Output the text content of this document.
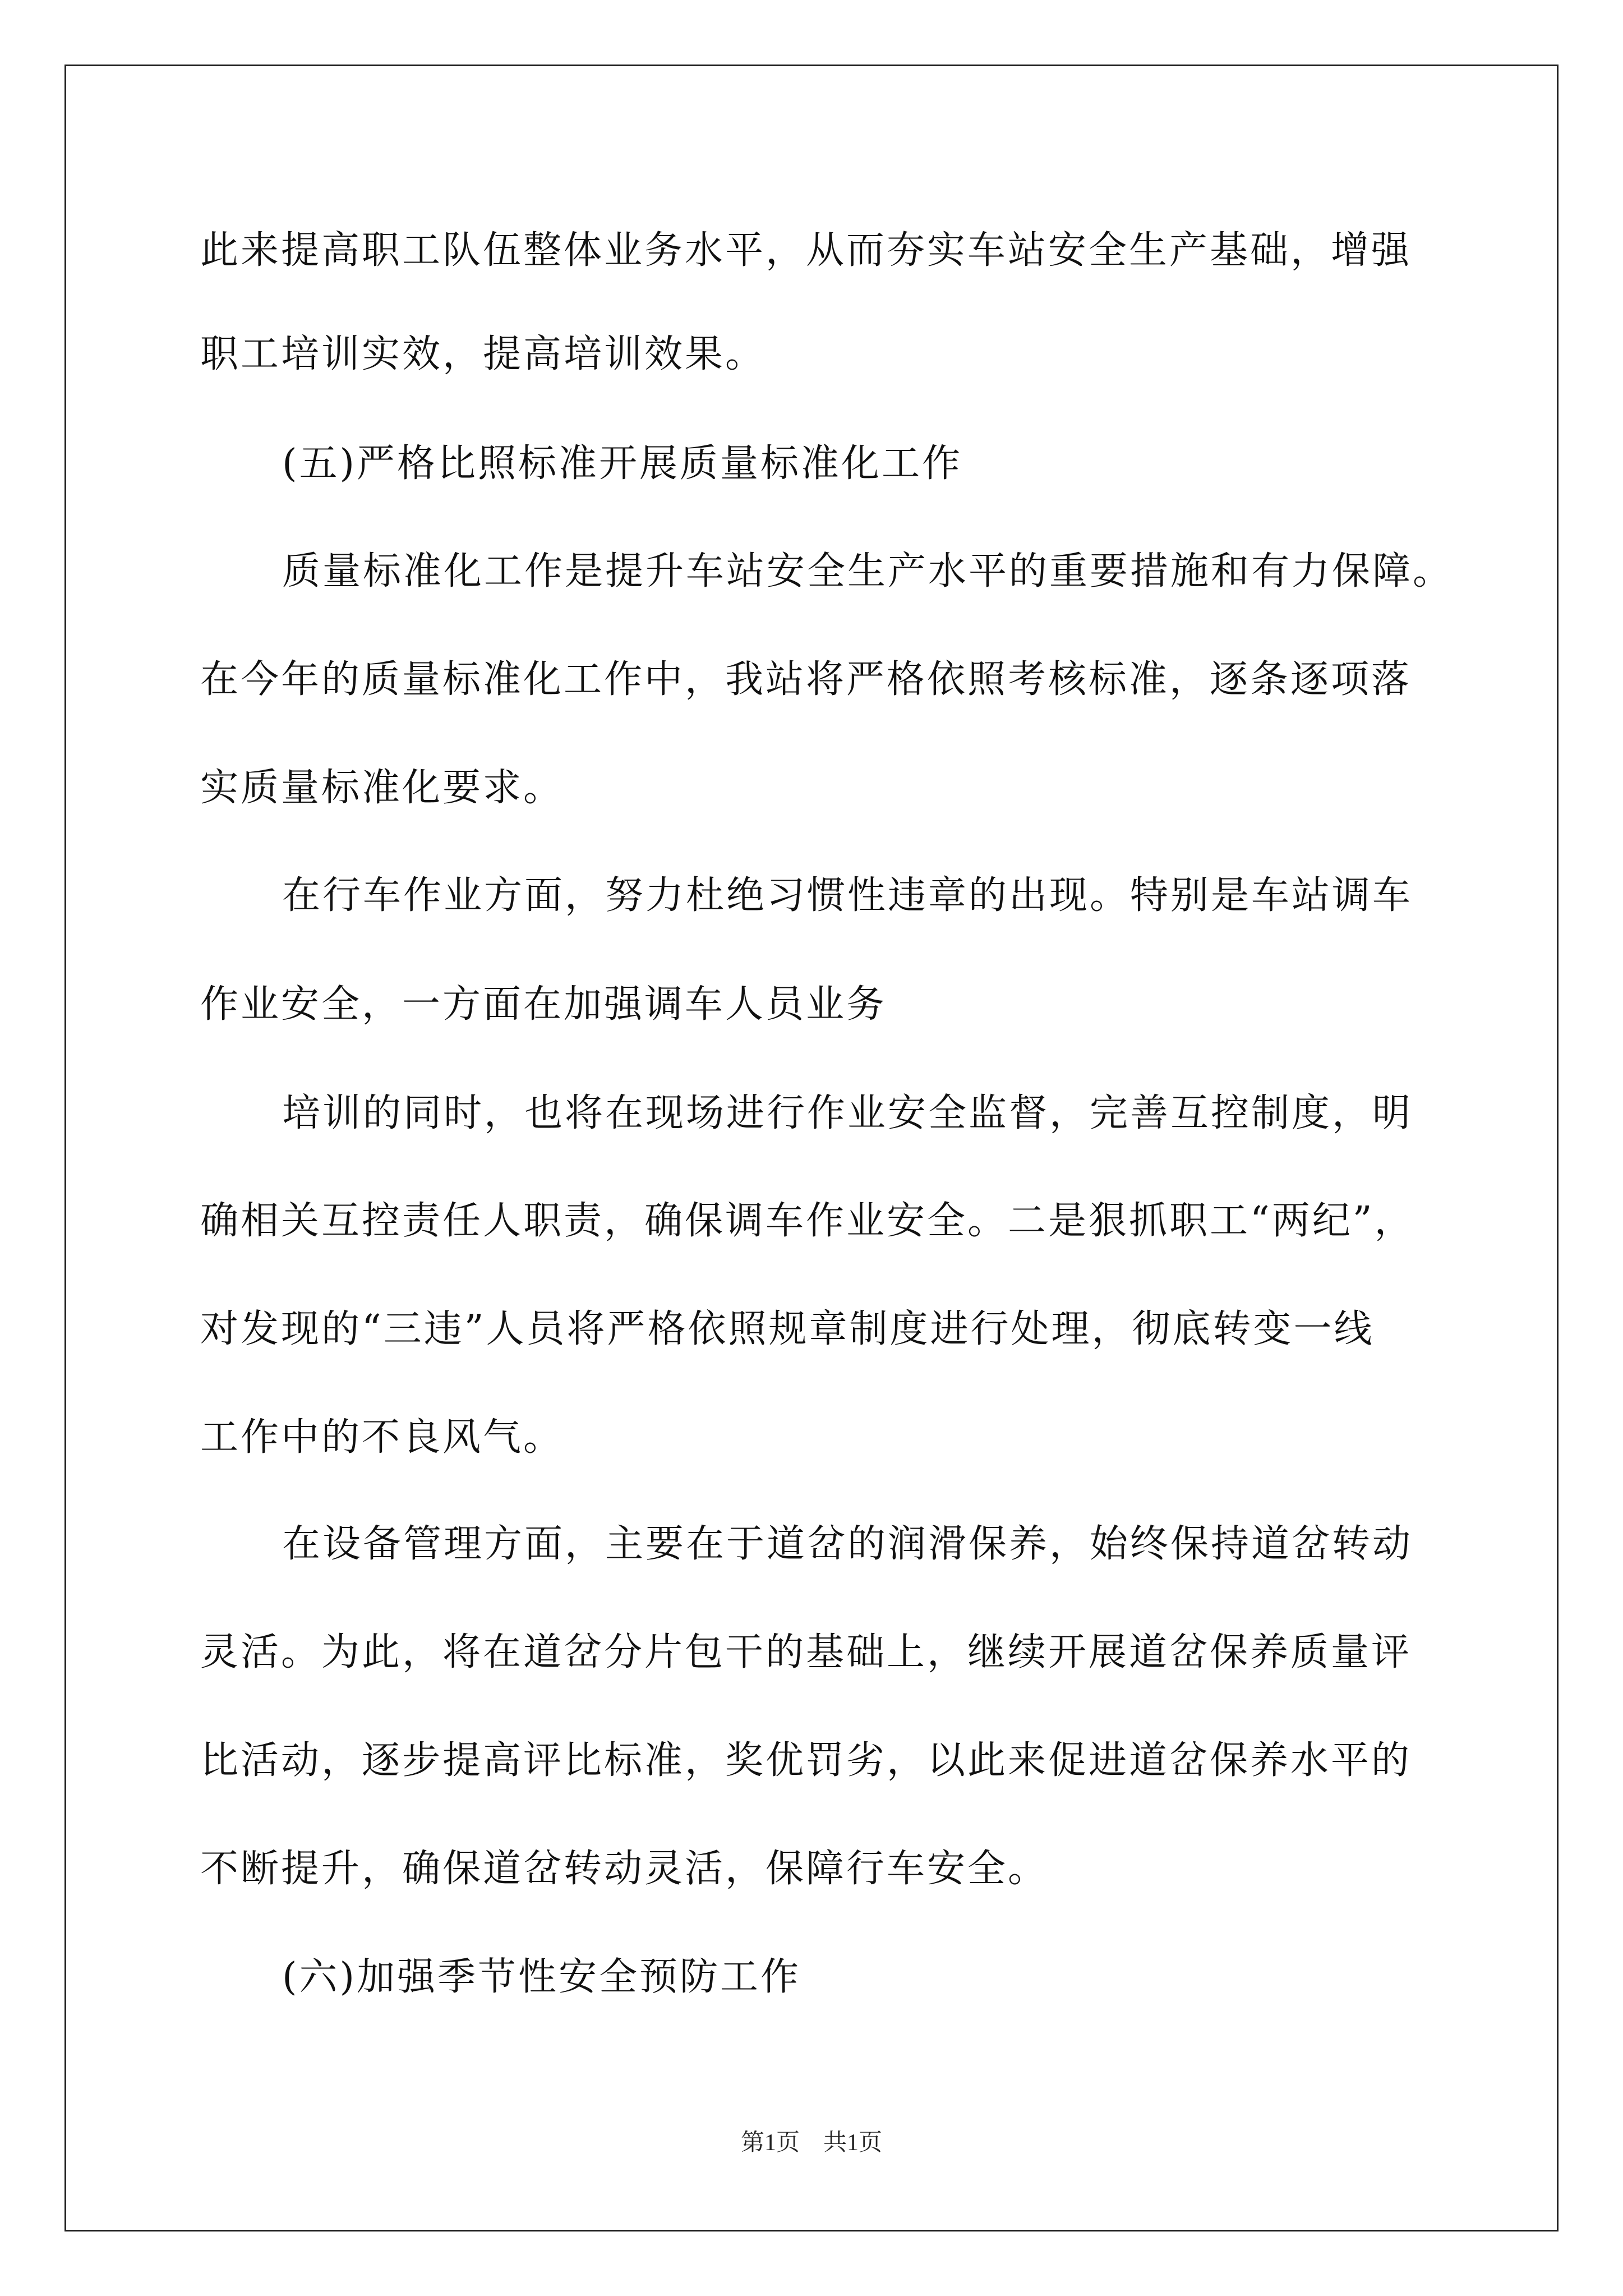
此来提高职工队伍整体业务水平，从而夯实车站安全生产基础，增强
职工培训实效，提高培训效果。
(五)严格比照标准开展质量标准化工作
质量标准化工作是提升车站安全生产水平的重要措施和有力保障。
在今年的质量标准化工作中，我站将严格依照考核标准，逐条逐项落
实质量标准化要求。
在行车作业方面，努力杜绝习惯性违章的出现。特别是车站调车
作业安全，一方面在加强调车人员业务
培训的同时，也将在现场进行作业安全监督，完善互控制度，明
确相关互控责任人职责，确保调车作业安全。二是狠抓职工“两纪”，
对发现的“三违”人员将严格依照规章制度进行处理，彻底转变一线
工作中的不良风气。
在设备管理方面，主要在于道岔的润滑保养，始终保持道岔转动
灵活。为此，将在道岔分片包干的基础上，继续开展道岔保养质量评
比活动，逐步提高评比标准，奖优罚劣，以此来促进道岔保养水平的
不断提升，确保道岔转动灵活，保障行车安全。
(六)加强季节性安全预防工作
第1页　共1页
